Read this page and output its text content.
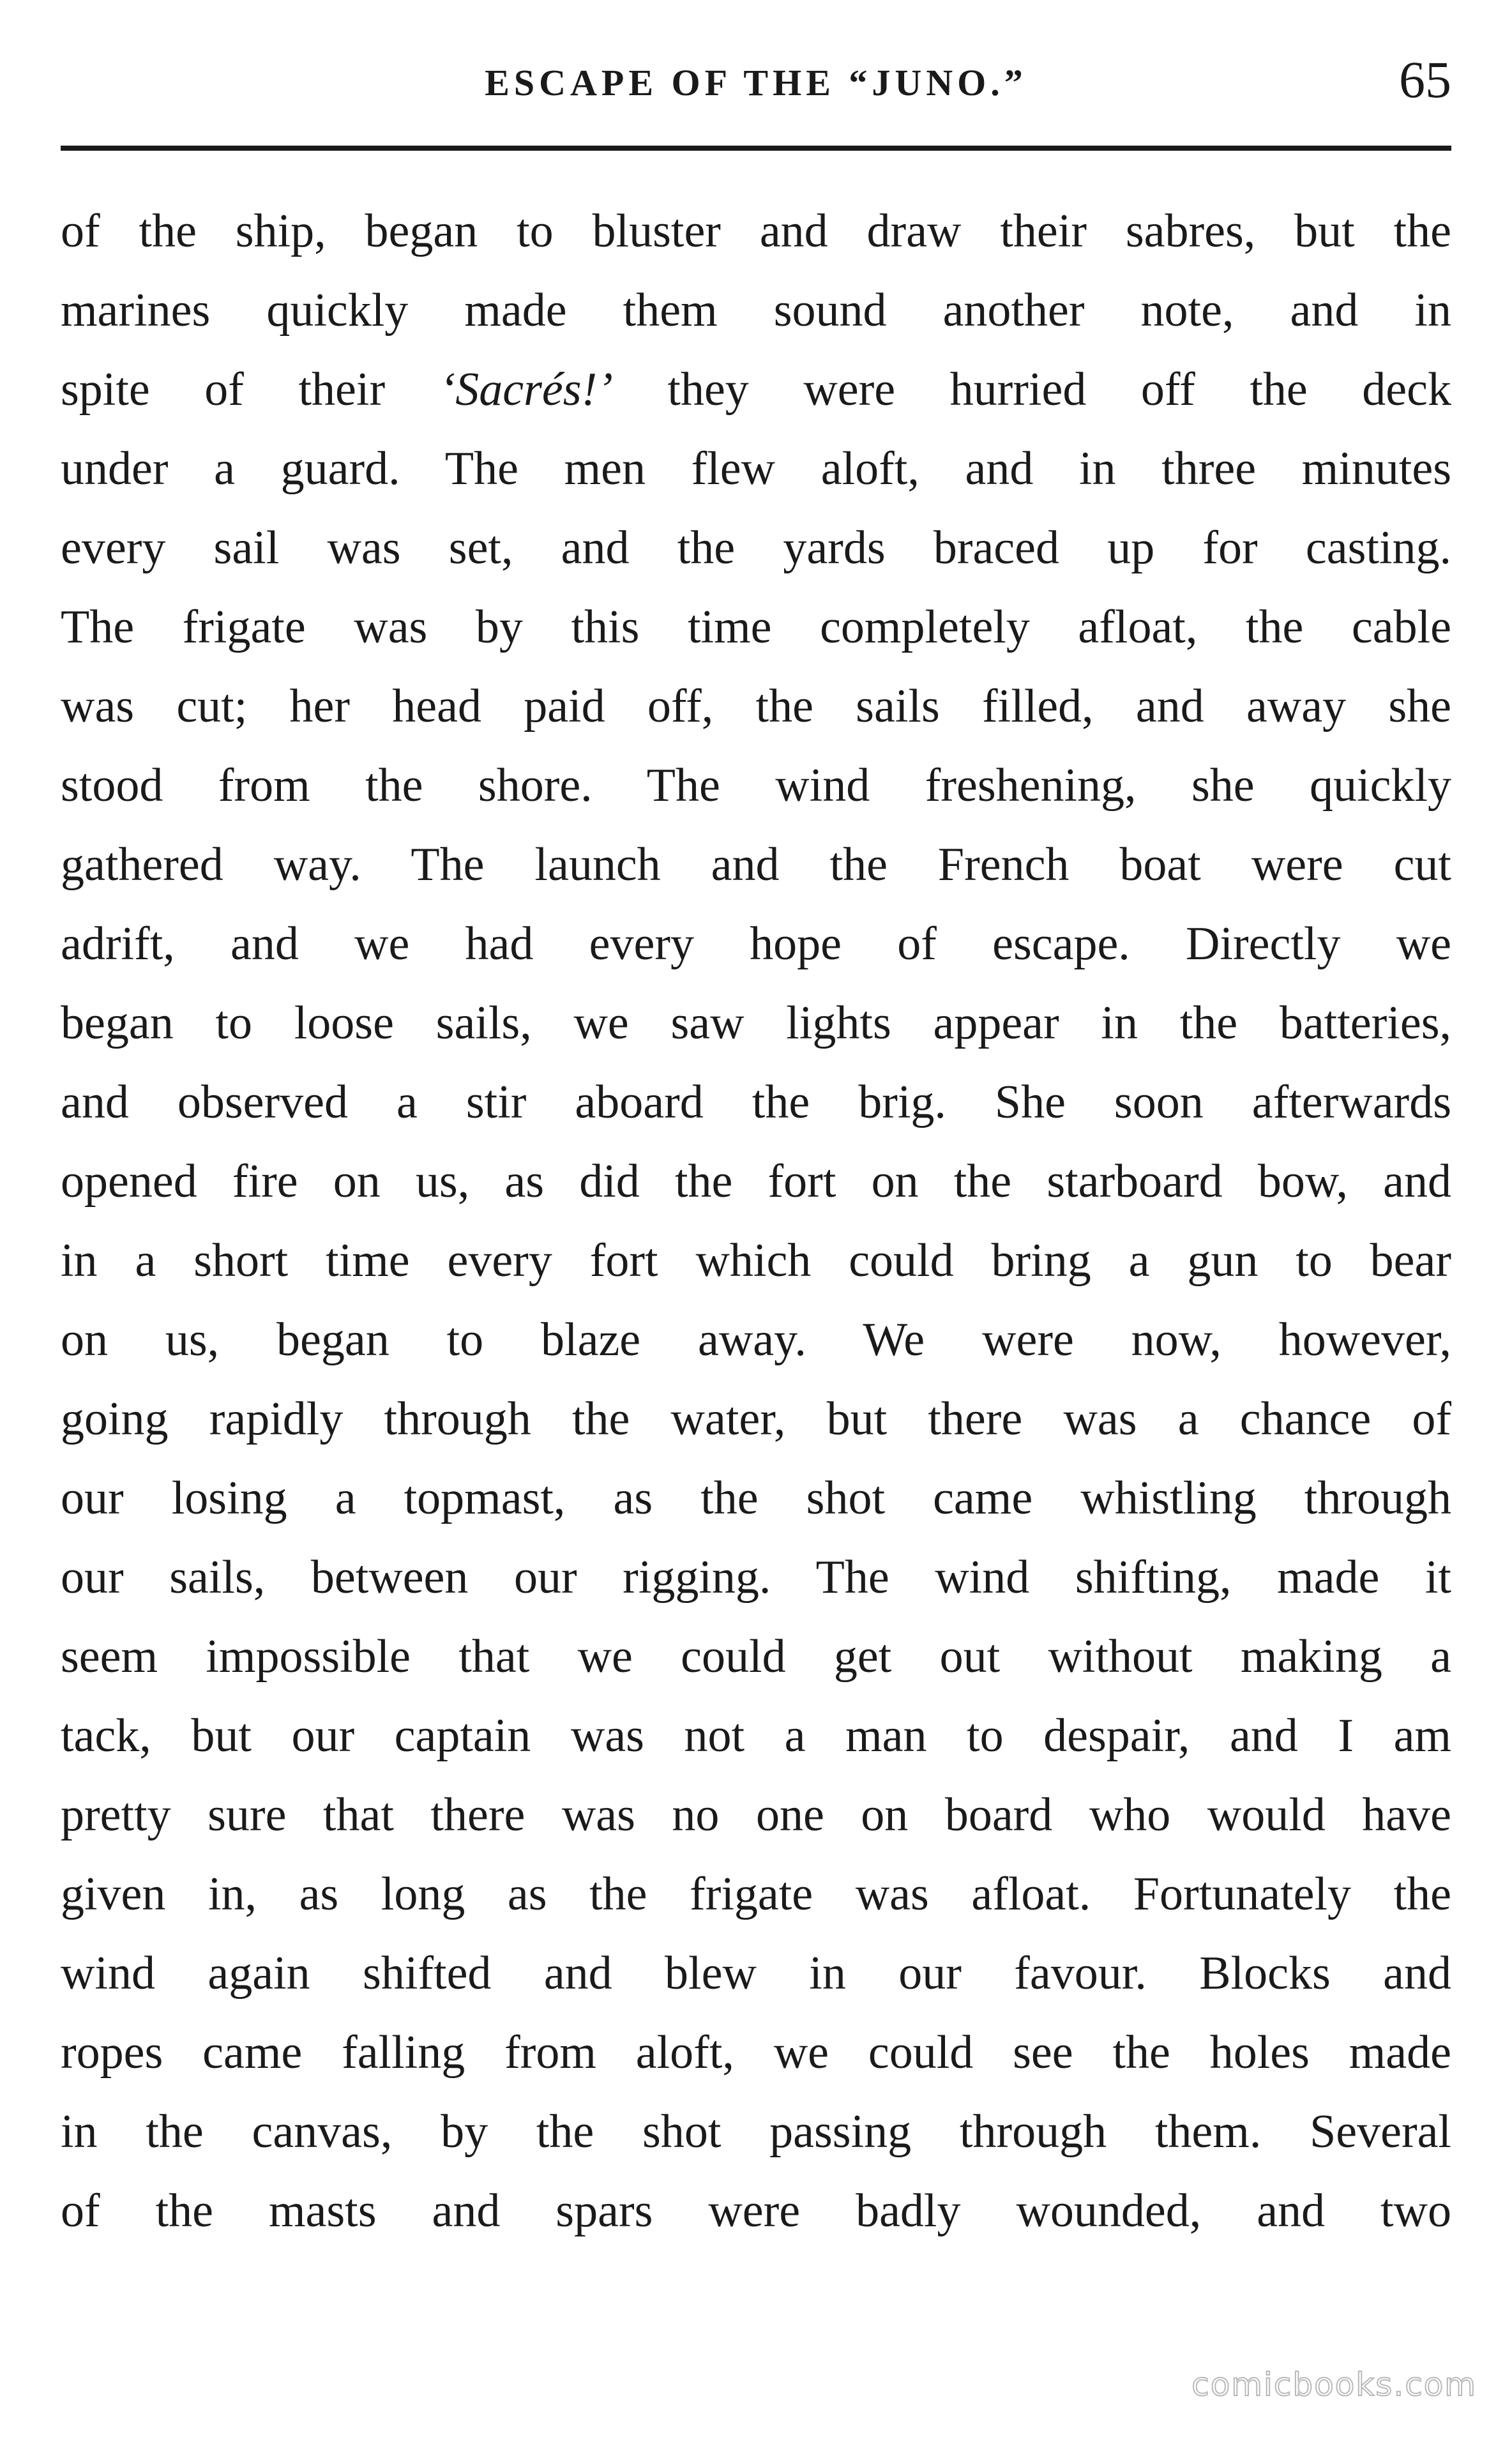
ESCAPE OF THE “JUNO.”	65
of the ship, began to bluster and draw their sabres, but the
marines quickly made them sound another note, and in
spite of their ‘Sacrés!’ they were hurried off the deck
under a guard. The men flew aloft, and in three minutes
every sail was set, and the yards braced up for casting.
The frigate was by this time completely afloat, the cable
was cut; her head paid off, the sails filled, and away she
stood from the shore. The wind freshening, she quickly
gathered way. The launch and the French boat were cut
adrift, and we had every hope of escape. Directly we
began to loose sails, we saw lights appear in the batteries,
and observed a stir aboard the brig. She soon afterwards
opened fire on us, as did the fort on the starboard bow, and
in a short time every fort which could bring a gun to bear
on us, began to blaze away. We were now, however,
going rapidly through the water, but there was a chance of
our losing a topmast, as the shot came whistling through
our sails, between our rigging. The wind shifting, made it
seem impossible that we could get out without making a
tack, but our captain was not a man to despair, and I am
pretty sure that there was no one on board who would have
given in, as long as the frigate was afloat. Fortunately the
wind again shifted and blew in our favour. Blocks and
ropes came falling from aloft, we could see the holes made
in the canvas, by the shot passing through them. Several
of the masts and spars were badly wounded, and two
comicbooks.com
